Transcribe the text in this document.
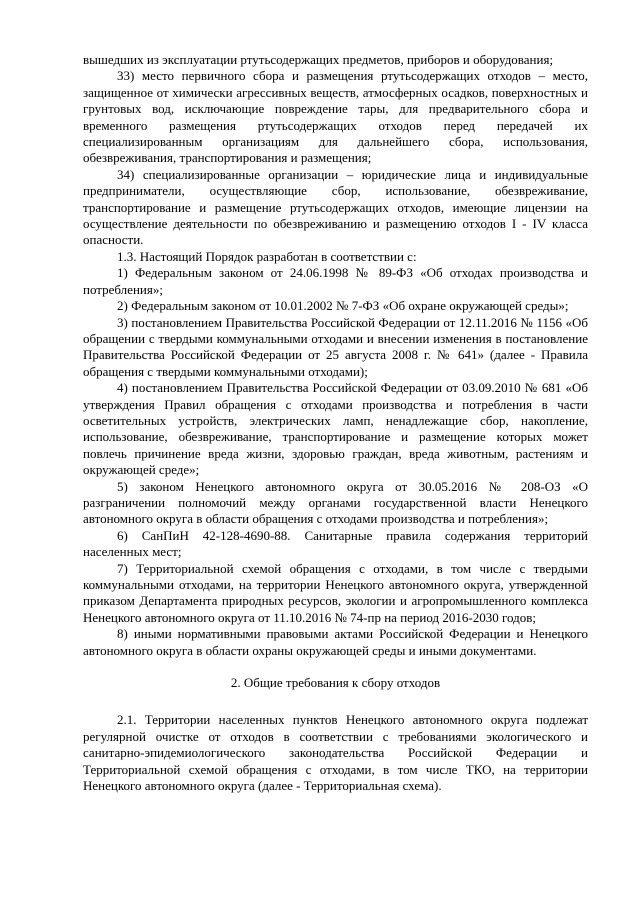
вышедших из эксплуатации ртутьсодержащих предметов, приборов и оборудования;

33) место первичного сбора и размещения ртутьсодержащих отходов – место, защищенное от химически агрессивных веществ, атмосферных осадков, поверхностных и грунтовых вод, исключающие повреждение тары, для предварительного сбора и временного размещения ртутьсодержащих отходов перед передачей их специализированным организациям для дальнейшего сбора, использования, обезвреживания, транспортирования и размещения;

34) специализированные организации – юридические лица и индивидуальные предприниматели, осуществляющие сбор, использование, обезвреживание, транспортирование и размещение ртутьсодержащих отходов, имеющие лицензии на осуществление деятельности по обезвреживанию и размещению отходов I - IV класса опасности.

1.3. Настоящий Порядок разработан в соответствии с:

1) Федеральным законом от 24.06.1998 № 89-ФЗ «Об отходах производства и потребления»;

2) Федеральным законом от 10.01.2002 № 7-ФЗ «Об охране окружающей среды»;

3) постановлением Правительства Российской Федерации от 12.11.2016 № 1156 «Об обращении с твердыми коммунальными отходами и внесении изменения в постановление Правительства Российской Федерации от 25 августа 2008 г. № 641» (далее - Правила обращения с твердыми коммунальными отходами);

4) постановлением Правительства Российской Федерации от 03.09.2010 № 681 «Об утверждения Правил обращения с отходами производства и потребления в части осветительных устройств, электрических ламп, ненадлежащие сбор, накопление, использование, обезвреживание, транспортирование и размещение которых может повлечь причинение вреда жизни, здоровью граждан, вреда животным, растениям и окружающей среде»;

5) законом Ненецкого автономного округа от 30.05.2016 № 208-ОЗ «О разграничении полномочий между органами государственной власти Ненецкого автономного округа в области обращения с отходами производства и потребления»;

6) СанПиН 42-128-4690-88. Санитарные правила содержания территорий населенных мест;

7) Территориальной схемой обращения с отходами, в том числе с твердыми коммунальными отходами, на территории Ненецкого автономного округа, утвержденной приказом Департамента природных ресурсов, экологии и агропромышленного комплекса Ненецкого автономного округа от 11.10.2016 № 74-пр на период 2016-2030 годов;

8) иными нормативными правовыми актами Российской Федерации и Ненецкого автономного округа в области охраны окружающей среды и иными документами.

2. Общие требования к сбору отходов

2.1. Территории населенных пунктов Ненецкого автономного округа подлежат регулярной очистке от отходов в соответствии с требованиями экологического и санитарно-эпидемиологического законодательства Российской Федерации и Территориальной схемой обращения с отходами, в том числе ТКО, на территории Ненецкого автономного округа (далее - Территориальная схема).
